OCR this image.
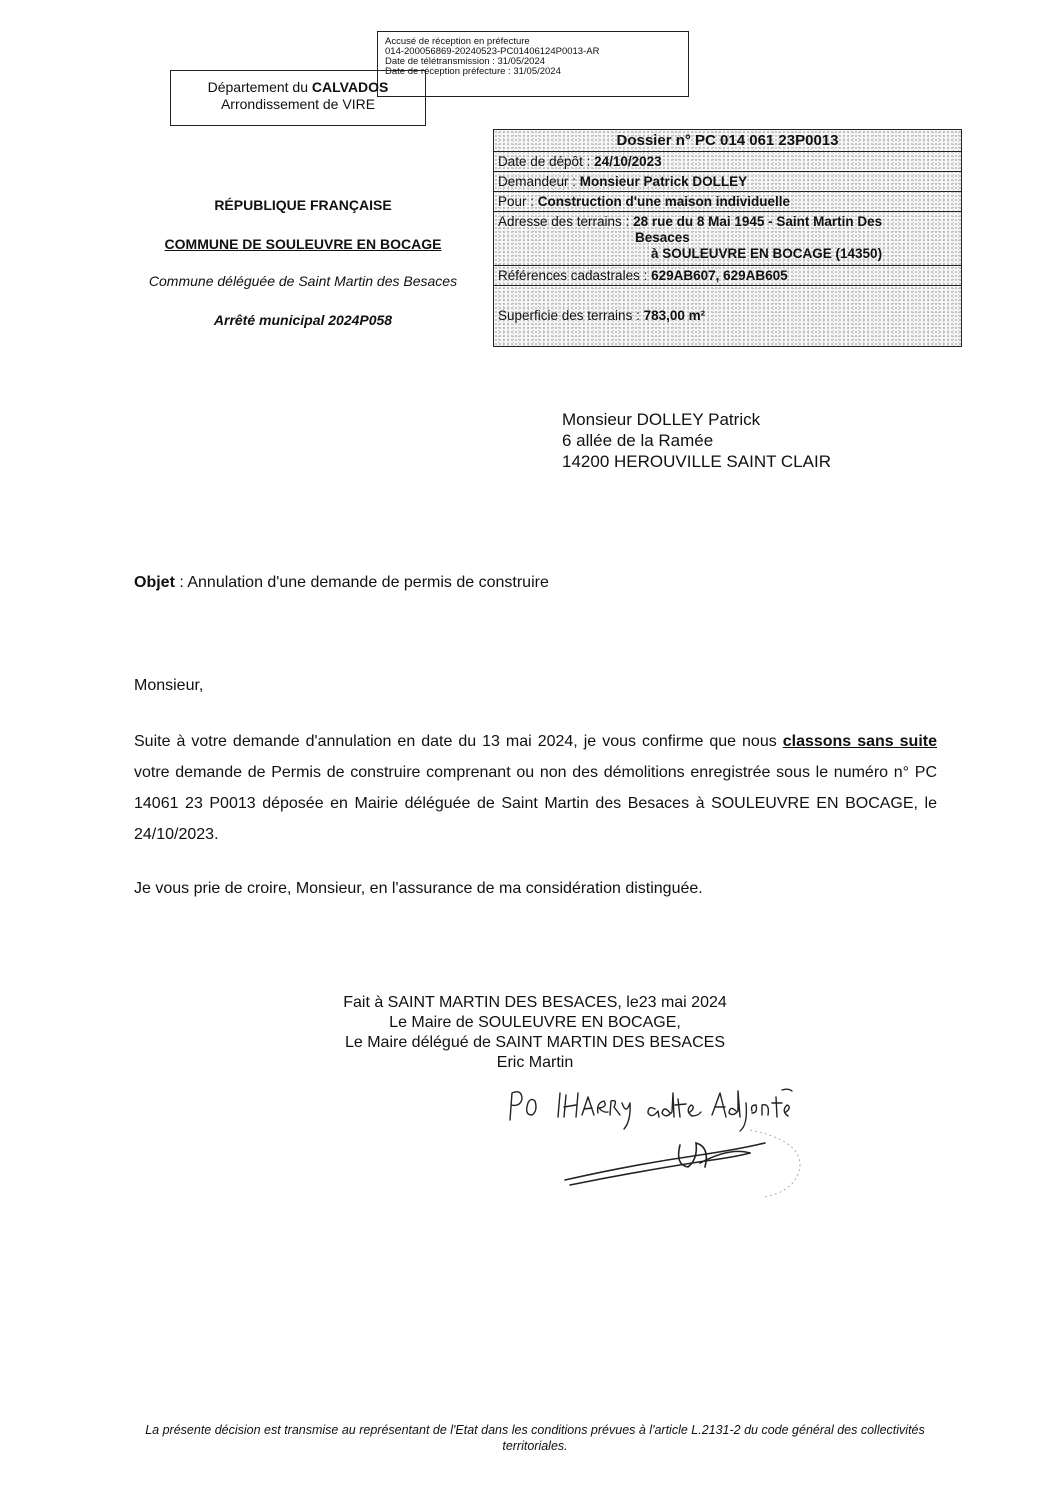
Accusé de réception en préfecture
014-200056869-20240523-PC01406124P0013-AR
Date de télétransmission : 31/05/2024
Date de réception préfecture : 31/05/2024
Département du CALVADOS
Arrondissement de VIRE
RÉPUBLIQUE FRANÇAISE
COMMUNE DE SOULEUVRE EN BOCAGE
Commune déléguée de Saint Martin des Besaces
Arrêté municipal 2024P058
Dossier n° PC 014 061 23P0013
Date de dépôt : 24/10/2023
Demandeur : Monsieur Patrick DOLLEY
Pour : Construction d'une maison individuelle
Adresse des terrains : 28 rue du 8 Mai 1945 - Saint Martin Des
Besaces
à SOULEUVRE EN BOCAGE (14350)
Références cadastrales : 629AB607, 629AB605
Superficie des terrains : 783,00 m²
Monsieur DOLLEY Patrick
6 allée de la Ramée
14200 HEROUVILLE SAINT CLAIR
Objet : Annulation d'une demande de permis de construire
Monsieur,
Suite à votre demande d'annulation en date du 13 mai 2024, je vous confirme que nous classons sans suite votre demande de Permis de construire comprenant ou non des démolitions enregistrée sous le numéro n° PC 14061 23 P0013 déposée en Mairie déléguée de Saint Martin des Besaces à SOULEUVRE EN BOCAGE, le 24/10/2023.
Je vous prie de croire, Monsieur, en l'assurance de ma considération distinguée.
Fait à SAINT MARTIN DES BESACES, le23 mai 2024
Le Maire de SOULEUVRE EN BOCAGE,
Le Maire délégué de SAINT MARTIN DES BESACES
Eric Martin
La présente décision est transmise au représentant de l'Etat dans les conditions prévues à l'article L.2131-2 du code général des collectivités territoriales.
